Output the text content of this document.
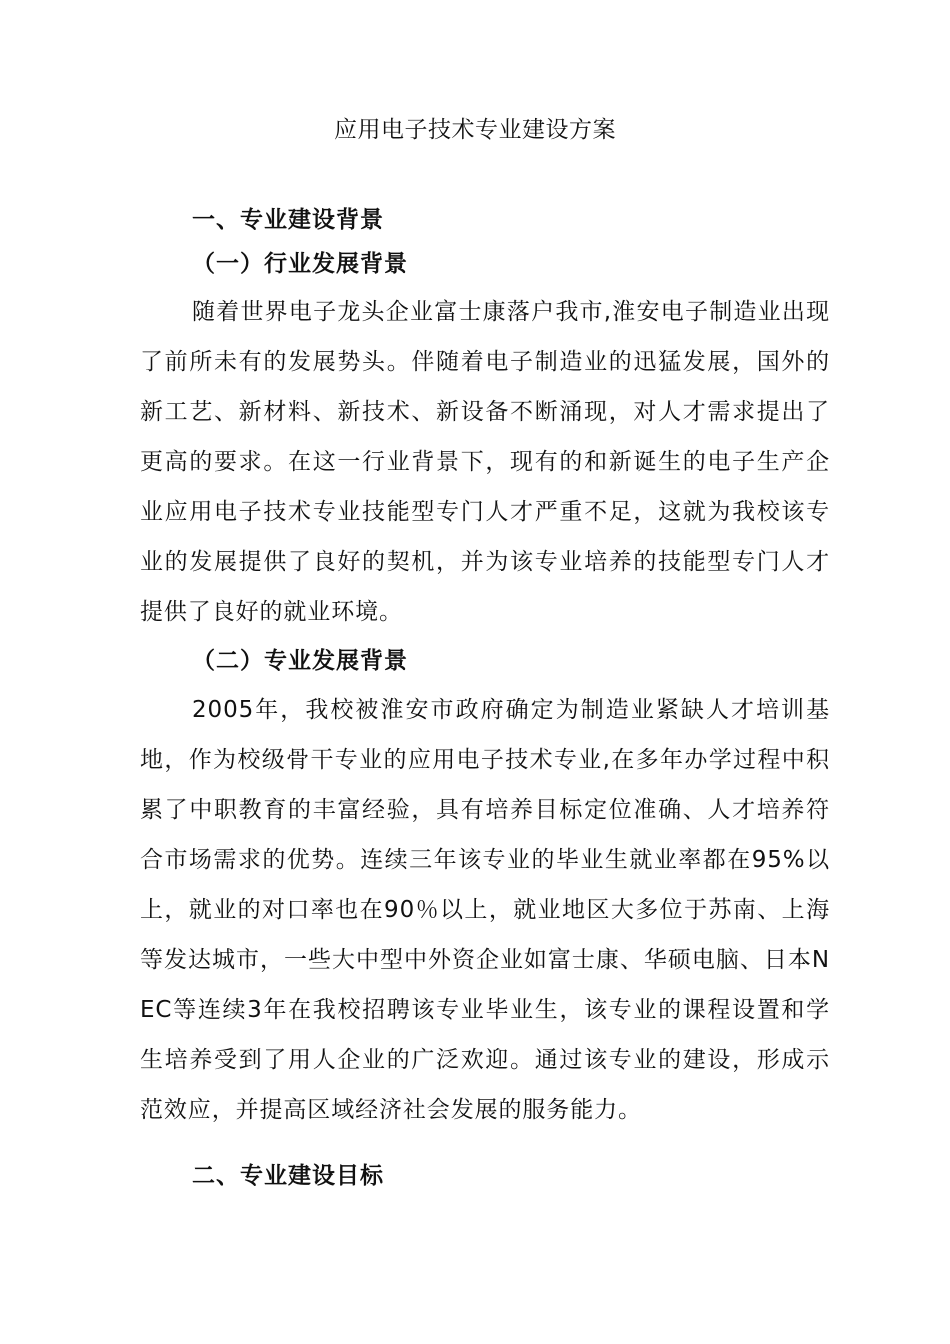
应用电子技术专业建设方案
一、专业建设背景
（一）行业发展背景
随着世界电子龙头企业富士康落户我市,淮安电子制造业出现了前所未有的发展势头。伴随着电子制造业的迅猛发展，国外的新工艺、新材料、新技术、新设备不断涌现，对人才需求提出了更高的要求。在这一行业背景下，现有的和新诞生的电子生产企业应用电子技术专业技能型专门人才严重不足，这就为我校该专业的发展提供了良好的契机，并为该专业培养的技能型专门人才提供了良好的就业环境。
（二）专业发展背景
2005年，我校被淮安市政府确定为制造业紧缺人才培训基地，作为校级骨干专业的应用电子技术专业,在多年办学过程中积累了中职教育的丰富经验，具有培养目标定位准确、人才培养符合市场需求的优势。连续三年该专业的毕业生就业率都在95%以上，就业的对口率也在90％以上，就业地区大多位于苏南、上海等发达城市，一些大中型中外资企业如富士康、华硕电脑、日本NEC等连续3年在我校招聘该专业毕业生，该专业的课程设置和学生培养受到了用人企业的广泛欢迎。通过该专业的建设，形成示范效应，并提高区域经济社会发展的服务能力。
二、专业建设目标
